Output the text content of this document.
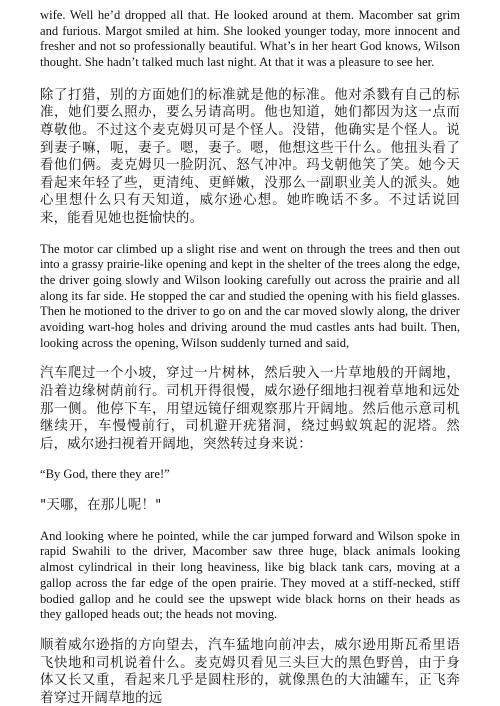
wife. Well he’d dropped all that. He looked around at them. Macomber sat grim and furious. Margot smiled at him. She looked younger today, more innocent and fresher and not so professionally beautiful. What’s in her heart God knows, Wilson thought. She hadn’t talked much last night. At that it was a pleasure to see her.

除了打猎，别的方面她们的标准就是他的标准。他对杀戮有自己的标准，她们要么照办，要么另请高明。他也知道，她们都因为这一点而尊敬他。不过这个麦克姆贝可是个怪人。没错，他确实是个怪人。说到妻子嘛，呃，妻子。嗯，妻子。嗯，他想这些干什么。他扭头看了看他们俩。麦克姆贝一脸阴沉、怒气冲冲。玛戈朝他笑了笑。她今天看起来年轻了些，更清纯、更鲜嫩，没那么一副职业美人的派头。她心里想什么只有天知道，威尔逊心想。她昨晚话不多。不过话说回来，能看见她也挺愉快的。

The motor car climbed up a slight rise and went on through the trees and then out into a grassy prairie-like opening and kept in the shelter of the trees along the edge, the driver going slowly and Wilson looking carefully out across the prairie and all along its far side. He stopped the car and studied the opening with his field glasses. Then he motioned to the driver to go on and the car moved slowly along, the driver avoiding wart-hog holes and driving around the mud castles ants had built. Then, looking across the opening, Wilson suddenly turned and said,

汽车爬过一个小坡，穿过一片树林，然后驶入一片草地般的开阔地，沿着边缘树荫前行。司机开得很慢，威尔逊仔细地扫视着草地和远处那一侧。他停下车，用望远镜仔细观察那片开阔地。然后他示意司机继续开，车慢慢前行，司机避开疣猪洞，绕过蚂蚁筑起的泥塔。然后，威尔逊扫视着开阔地，突然转过身来说：

“By God, there they are!”

"天哪，在那儿呢！"

And looking where he pointed, while the car jumped forward and Wilson spoke in rapid Swahili to the driver, Macomber saw three huge, black animals looking almost cylindrical in their long heaviness, like big black tank cars, moving at a gallop across the far edge of the open prairie. They moved at a stiff-necked, stiff bodied gallop and he could see the upswept wide black horns on their heads as they galloped heads out; the heads not moving.

顺着威尔逊指的方向望去，汽车猛地向前冲去，威尔逊用斯瓦希里语飞快地和司机说着什么。麦克姆贝看见三头巨大的黑色野兽，由于身体又长又重，看起来几乎是圆柱形的，就像黑色的大油罐车，正飞奔着穿过开阔草地的远
